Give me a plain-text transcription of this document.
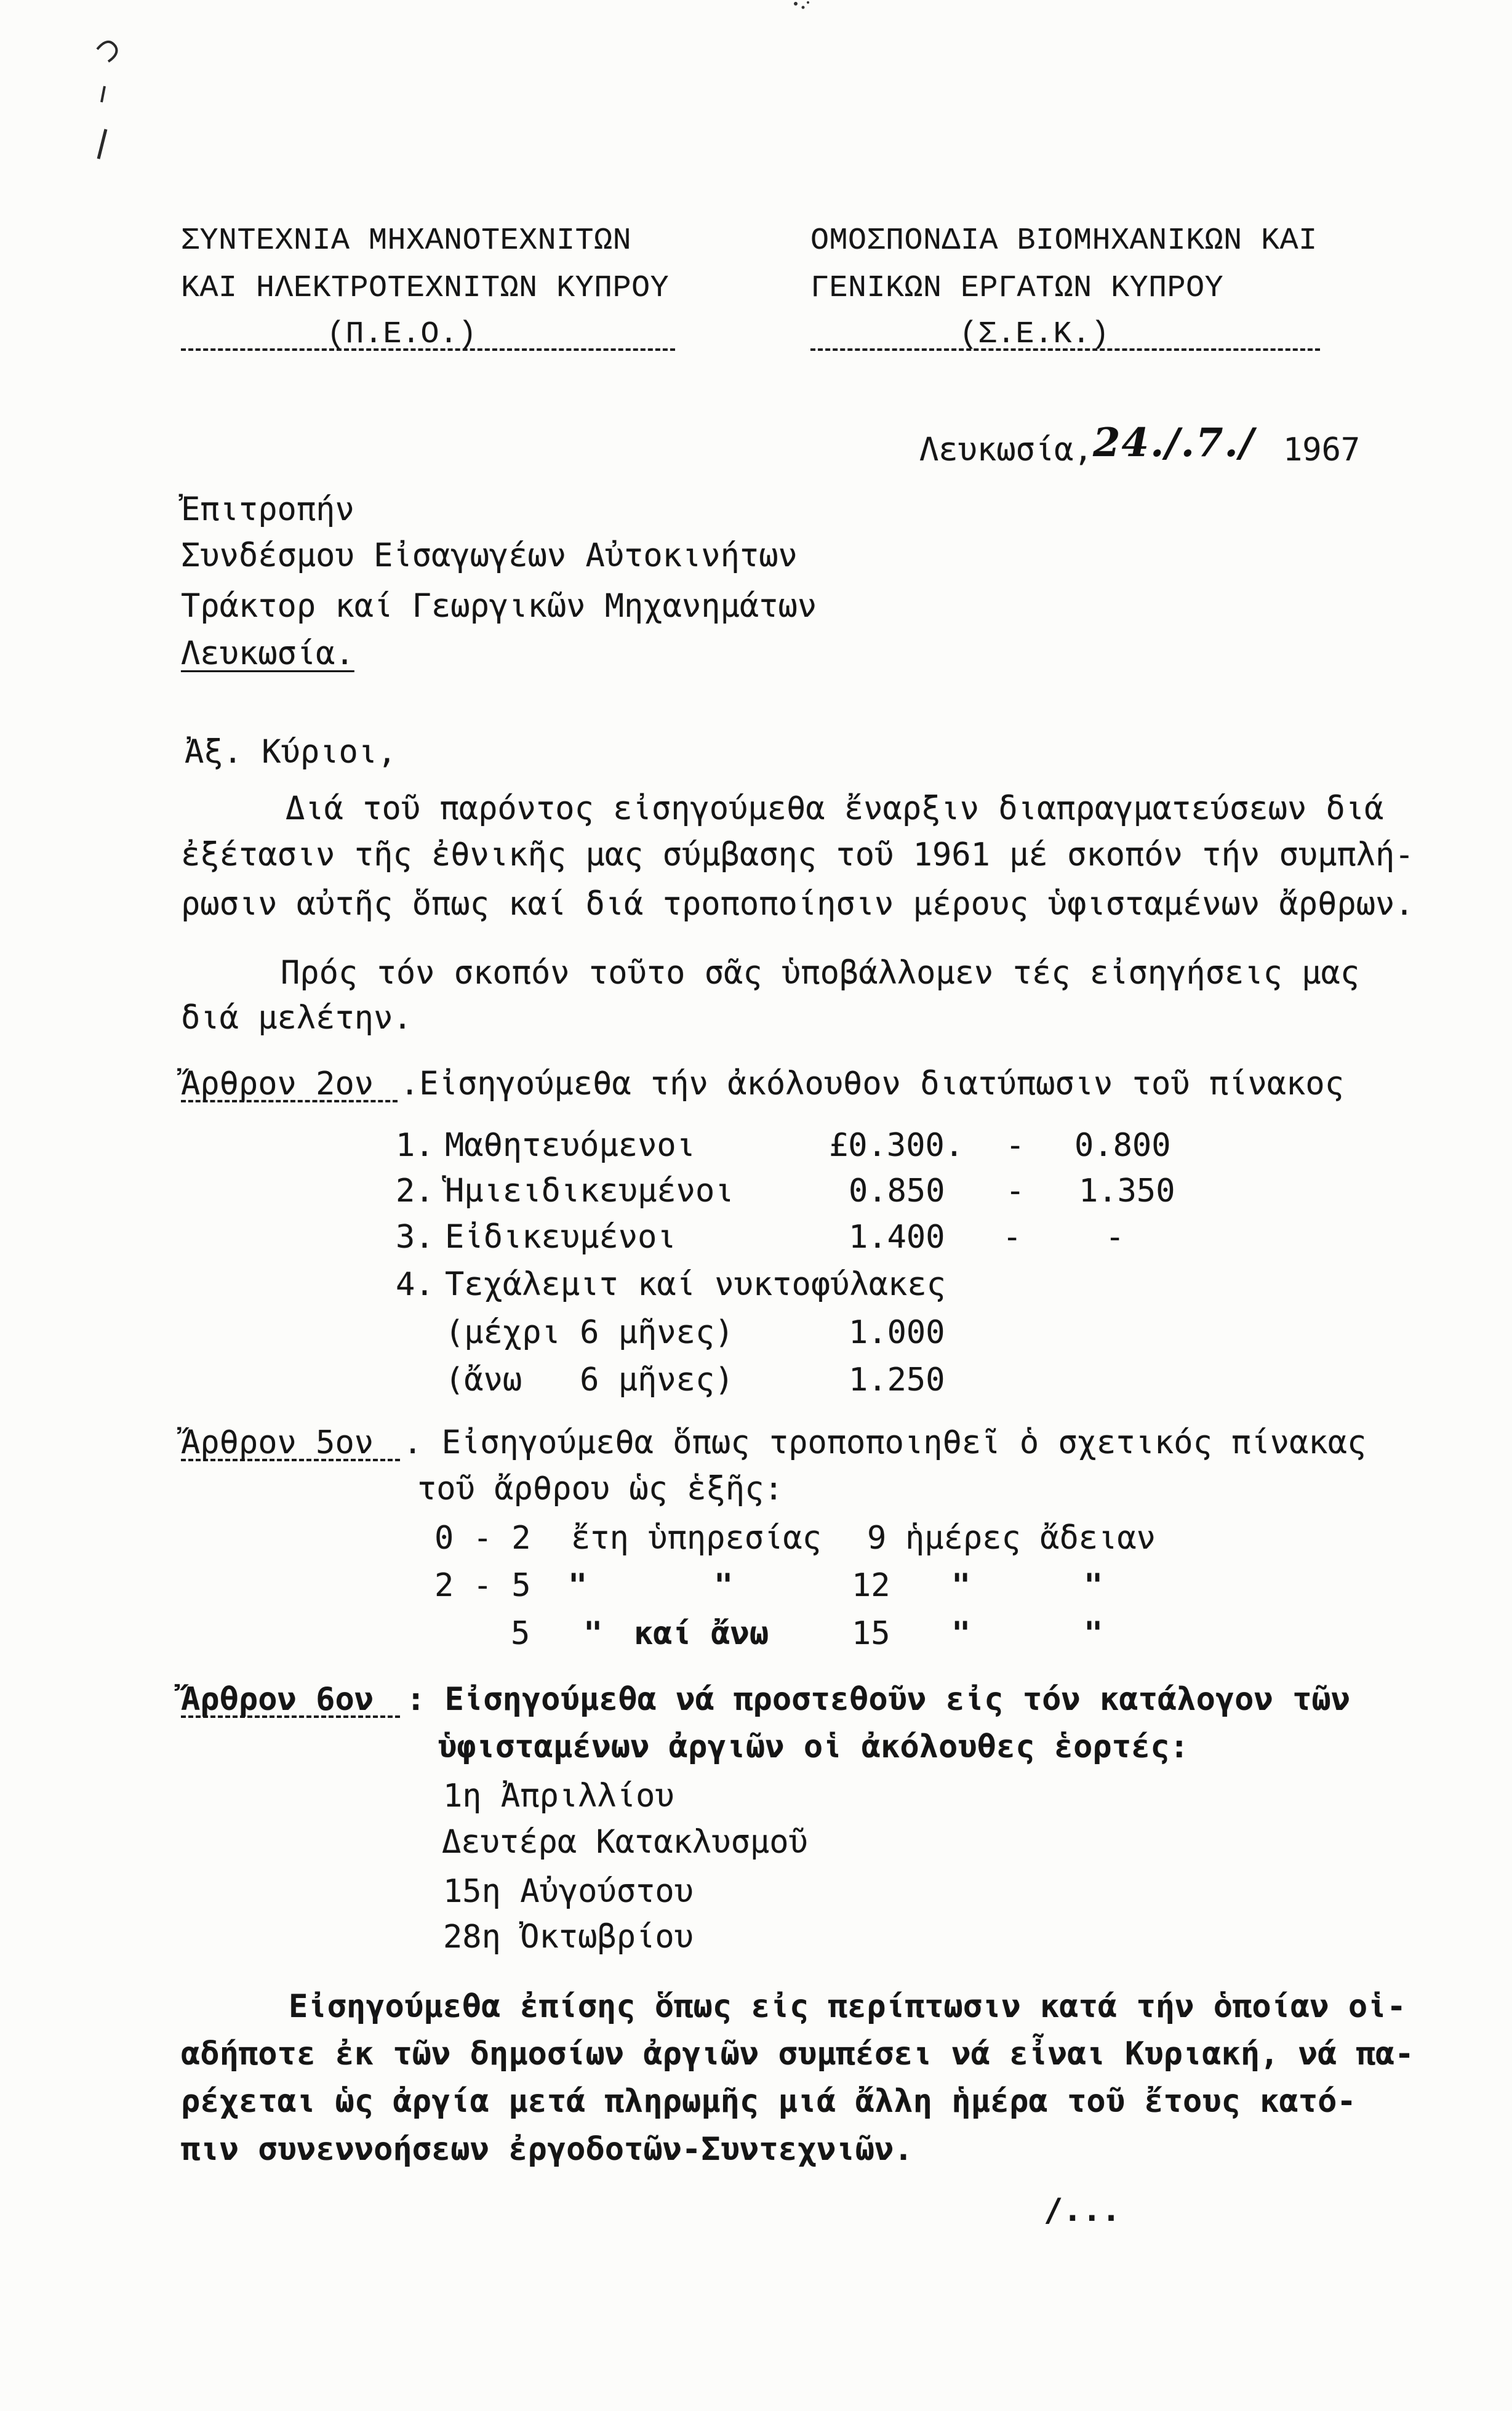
ΣΥΝΤΕΧΝΙΑ ΜΗΧΑΝΟΤΕΧΝΙΤΩΝ
ΚΑΙ ΗΛΕΚΤΡΟΤΕΧΝΙΤΩΝ ΚΥΠΡΟΥ
(Π.Ε.Ο.)
ΟΜΟΣΠΟΝΔΙΑ ΒΙΟΜΗΧΑΝΙΚΩΝ ΚΑΙ
ΓΕΝΙΚΩΝ ΕΡΓΑΤΩΝ ΚΥΠΡΟΥ
(Σ.Ε.Κ.)
Λευκωσία, 24./.7./ 1967
Ἐπιτροπήν
Συνδέσμου Εἰσαγωγέων Αὐτοκινήτων
Τράκτορ καί Γεωργικῶν Μηχανημάτων
Λευκωσία.
Ἀξ. Κύριοι,
Διά τοῦ παρόντος εἰσηγούμεθα ἔναρξιν διαπραγματεύσεων διά
ἐξέτασιν τῆς ἐθνικῆς μας σύμβασης τοῦ 1961 μέ σκοπόν τήν συμπλή-
ρωσιν αὐτῆς ὅπως καί διά τροποποίησιν μέρους ὑφισταμένων ἄρθρων.
Πρός τόν σκοπόν τοῦτο σᾶς ὑποβάλλομεν τές εἰσηγήσεις μας
διά μελέτην.
Ἄρθρον 2ον .Εἰσηγούμεθα τήν ἀκόλουθον διατύπωσιν τοῦ πίνακος
1. Μαθητευόμενοι	£0.300. - 0.800
2. Ἡμιειδικευμένοι	0.850 - 1.350
3. Εἰδικευμένοι	1.400 -	-
4. Τεχάλεμιτ καί νυκτοφύλακες
(μέχρι 6 μῆνες)	1.000
(ἄνω   6 μῆνες)	1.250
Ἄρθρον 5ον . Εἰσηγούμεθα ὅπως τροποποιηθεῖ ὁ σχετικός πίνακας
τοῦ ἄρθρου ὡς ἑξῆς:
0 - 2 ἔτη ὑπηρεσίας 9 ἡμέρες ἄδειαν
2 - 5 "	"	12 "	"
5 " καί ἄνω	15 "	"
Ἄρθρον 6ον	: Εἰσηγούμεθα νά προστεθοῦν εἰς τόν κατάλογον τῶν
ὑφισταμένων ἀργιῶν οἱ ἀκόλουθες ἑορτές:
1η Ἀπριλλίου
Δευτέρα Κατακλυσμοῦ
15η Αὐγούστου
28η Ὀκτωβρίου
Εἰσηγούμεθα ἐπίσης ὅπως εἰς περίπτωσιν κατά τήν ὁποίαν οἱ-
αδήποτε ἐκ τῶν δημοσίων ἀργιῶν συμπέσει νά εἶναι Κυριακή, νά πα-
ρέχεται ὡς ἀργία μετά πληρωμῆς μιά ἄλλη ἡμέρα τοῦ ἔτους κατό-
πιν συνεννοήσεων ἐργοδοτῶν-Συντεχνιῶν.
/...
